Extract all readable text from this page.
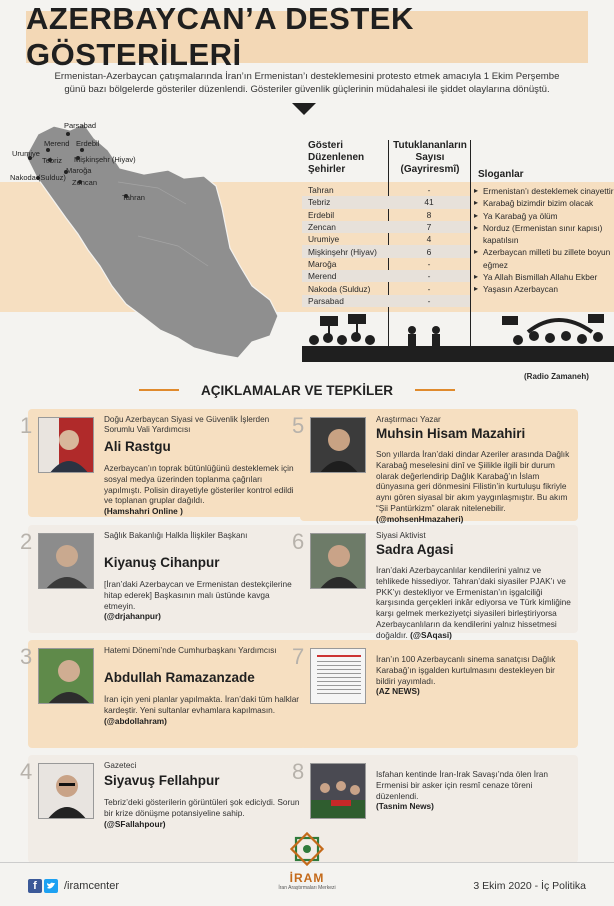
AZERBAYCAN’A DESTEK GÖSTERİLERİ

Ermenistan-Azerbaycan çatışmalarında İran’ın Ermenistan’ı desteklemesini protesto etmek amacıyla 1 Ekim Perşembe günü bazı bölgelerde gösteriler düzenlendi. Gösteriler güvenlik güçlerinin müdahalesi ile şiddet olaylarına dönüştü.

Parsabad
Merend Erdebil
Urumiye
Tebriz Mişkinşehr (Hiyav)
Maroğa
Nakoda (Sulduz)
Zencan
Tahran
Gösteri Düzenlenen Şehirler
Tutuklananların Sayısı (Gayriresmî)	Sloganlar
Tahran	-
Tebriz	41
Erdebil	8
Zencan	7
Urumiye	4
Mişkinşehr (Hiyav)	6
Maroğa	-
Merend	-
Nakoda (Sulduz)	-
Parsabad	-
▸ Ermenistan’ı desteklemek cinayettir
▸ Karabağ bizimdir bizim olacak
▸ Ya Karabağ ya ölüm
▸ Norduz (Ermenistan sınır kapısı) kapatılsın
▸ Azerbaycan milleti bu zillete boyun eğmez
▸ Ya Allah Bismillah Allahu Ekber
▸ Yaşasın Azerbaycan
(Radio Zamaneh)
AÇIKLAMALAR VE TEPKİLER
1	Doğu Azerbaycan Siyasi ve Güvenlik İşlerden Sorumlu Vali Yardımcısı
Ali Rastgu
Azerbaycan’ın toprak bütünlüğünü desteklemek için sosyal medya üzerinden toplanma çağrıları yapılmıştı. Polisin dirayetiyle gösteriler kontrol edildi ve toplanan gruplar dağıldı.
(Hamshahri Online )
2	Sağlık Bakanlığı Halkla İlişkiler Başkanı
Kiyanuş Cihanpur
[İran’daki Azerbaycan ve Ermenistan destekçilerine hitap ederek] Başkasının malı üstünde kavga etmeyin.
(@drjahanpur)
3	Hatemi Dönemi’nde Cumhurbaşkanı Yardımcısı
Abdullah Ramazanzade
İran için yeni planlar yapılmakta. İran’daki tüm halklar kardeştir. Yeni sultanlar evhamlara kapılmasın.
(@abdollahram)
4	Gazeteci
Siyavuş Fellahpur
Tebriz’deki gösterilerin görüntüleri şok ediciydi. Sorun bir krize dönüşme potansiyeline sahip. (@SFallahpour)
5	Araştırmacı Yazar
Muhsin Hisam Mazahiri
Son yıllarda İran’daki dindar Azeriler arasında Dağlık Karabağ meselesini dinî ve Şiilikle ilgili bir durum olarak değerlendirip Dağlık Karabağ’ın İslam dünyasına geri dönmesini Filistin’in kurtuluşu fikriyle aynı gören siyasal bir akım yaygınlaşmıştır. Bu akım “Şii Pantürkizm” olarak nitelenebilir. (@mohsenHmazaheri)
6	Siyasi Aktivist
Sadra Agasi
İran’daki Azerbaycanlılar kendilerini yalnız ve tehlikede hissediyor. Tahran’daki siyasiler PJAK’ı ve PKK’yı destekliyor ve Ermenistan’ın işgalciliği karşısında gerçekleri inkâr ediyorsa ve Türk kimliğine karşı gelmek merkeziyetçi siyasileri birleştiriyorsa Azerbaycanlıların da kendilerini yalnız hissetmesi doğaldır. (@SAqasi)
7	İran’ın 100 Azerbaycanlı sinema sanatçısı Dağlık Karabağ’ın işgalden kurtulmasını destekleyen bir bildiri yayımladı.
(AZ NEWS)
8	Isfahan kentinde İran-Irak Savaşı’nda ölen İran Ermenisi bir asker için resmî cenaze töreni düzenlendi.
(Tasnim News)
f	/iramcenter
İRAM
İran Araştırmaları Merkezi	3 Ekim 2020 - İç Politika
